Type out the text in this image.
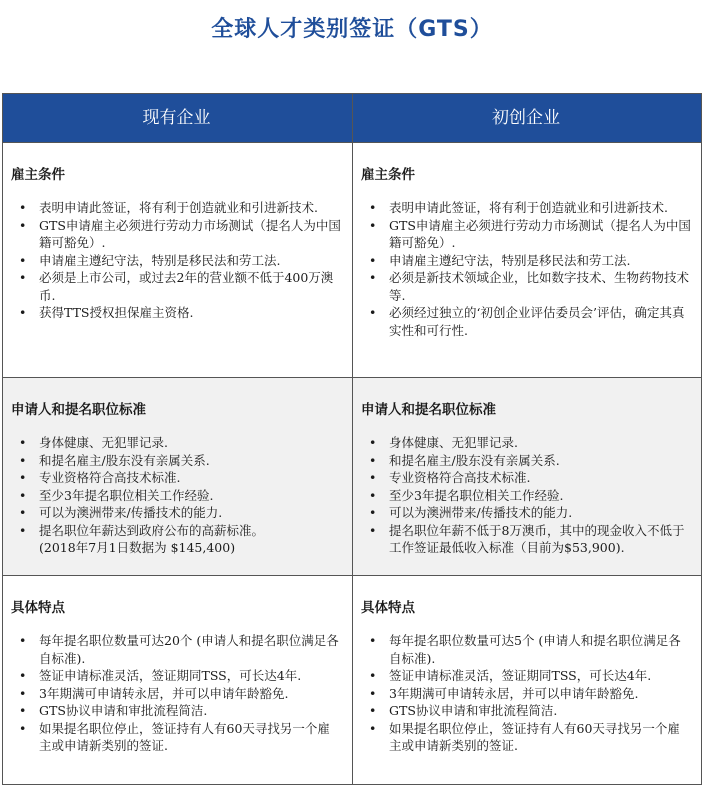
全球人才类别签证（GTS）
现有企业	初创企业
雇主条件
• 表明申请此签证，将有利于创造就业和引进新技术.
• GTS申请雇主必须进行劳动力市场测试（提名人为中国籍可豁免）.
• 申请雇主遵纪守法，特别是移民法和劳工法.
• 必须是上市公司，或过去2年的营业额不低于400万澳币.
• 获得TTS授权担保雇主资格.
雇主条件
• 表明申请此签证，将有利于创造就业和引进新技术.
• GTS申请雇主必须进行劳动力市场测试（提名人为中国籍可豁免）.
• 申请雇主遵纪守法，特别是移民法和劳工法.
• 必须是新技术领域企业，比如数字技术、生物药物技术等.
• 必须经过独立的‘初创企业评估委员会’评估，确定其真实性和可行性.
申请人和提名职位标准
• 身体健康、无犯罪记录.
• 和提名雇主/股东没有亲属关系.
• 专业资格符合高技术标准.
• 至少3年提名职位相关工作经验.
• 可以为澳洲带来/传播技术的能力.
• 提名职位年薪达到政府公布的高薪标准。
(2018年7月1日数据为 $145,400)
申请人和提名职位标准
• 身体健康、无犯罪记录.
• 和提名雇主/股东没有亲属关系.
• 专业资格符合高技术标准.
• 至少3年提名职位相关工作经验.
• 可以为澳洲带来/传播技术的能力.
• 提名职位年薪不低于8万澳币，其中的现金收入不低于工作签证最低收入标准（目前为$53,900).
具体特点
• 每年提名职位数量可达20个 (申请人和提名职位满足各自标准).
• 签证申请标准灵活，签证期同TSS，可长达4年.
• 3年期满可申请转永居，并可以申请年龄豁免.
• GTS协议申请和审批流程简洁.
• 如果提名职位停止，签证持有人有60天寻找另一个雇主或申请新类别的签证.
具体特点
• 每年提名职位数量可达5个 (申请人和提名职位满足各自标准).
• 签证申请标准灵活，签证期同TSS，可长达4年.
• 3年期满可申请转永居，并可以申请年龄豁免.
• GTS协议申请和审批流程简洁.
• 如果提名职位停止，签证持有人有60天寻找另一个雇主或申请新类别的签证.
